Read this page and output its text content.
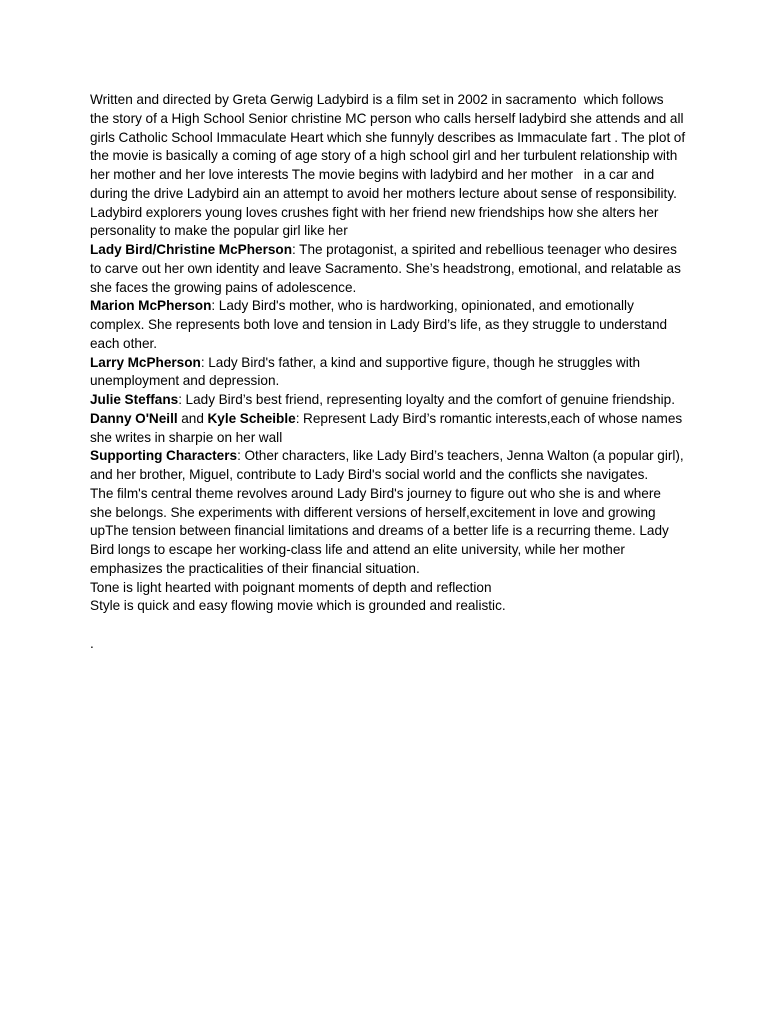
Written and directed by Greta Gerwig Ladybird is a film set in 2002 in sacramento  which follows the story of a High School Senior christine MC person who calls herself ladybird she attends and all girls Catholic School Immaculate Heart which she funnyly describes as Immaculate fart . The plot of the movie is basically a coming of age story of a high school girl and her turbulent relationship with her mother and her love interests The movie begins with ladybird and her mother   in a car and during the drive Ladybird ain an attempt to avoid her mothers lecture about sense of responsibility. Ladybird explorers young loves crushes fight with her friend new friendships how she alters her personality to make the popular girl like her

Lady Bird/Christine McPherson: The protagonist, a spirited and rebellious teenager who desires to carve out her own identity and leave Sacramento. She’s headstrong, emotional, and relatable as she faces the growing pains of adolescence.

Marion McPherson: Lady Bird's mother, who is hardworking, opinionated, and emotionally complex. She represents both love and tension in Lady Bird’s life, as they struggle to understand each other.

Larry McPherson: Lady Bird's father, a kind and supportive figure, though he struggles with unemployment and depression.

Julie Steffans: Lady Bird’s best friend, representing loyalty and the comfort of genuine friendship.

Danny O'Neill and Kyle Scheible: Represent Lady Bird’s romantic interests,each of whose names she writes in sharpie on her wall

Supporting Characters: Other characters, like Lady Bird’s teachers, Jenna Walton (a popular girl), and her brother, Miguel, contribute to Lady Bird's social world and the conflicts she navigates.

The film's central theme revolves around Lady Bird's journey to figure out who she is and where she belongs. She experiments with different versions of herself,excitement in love and growing upThe tension between financial limitations and dreams of a better life is a recurring theme. Lady Bird longs to escape her working-class life and attend an elite university, while her mother emphasizes the practicalities of their financial situation.

Tone is light hearted with poignant moments of depth and reflection

Style is quick and easy flowing movie which is grounded and realistic.

.
